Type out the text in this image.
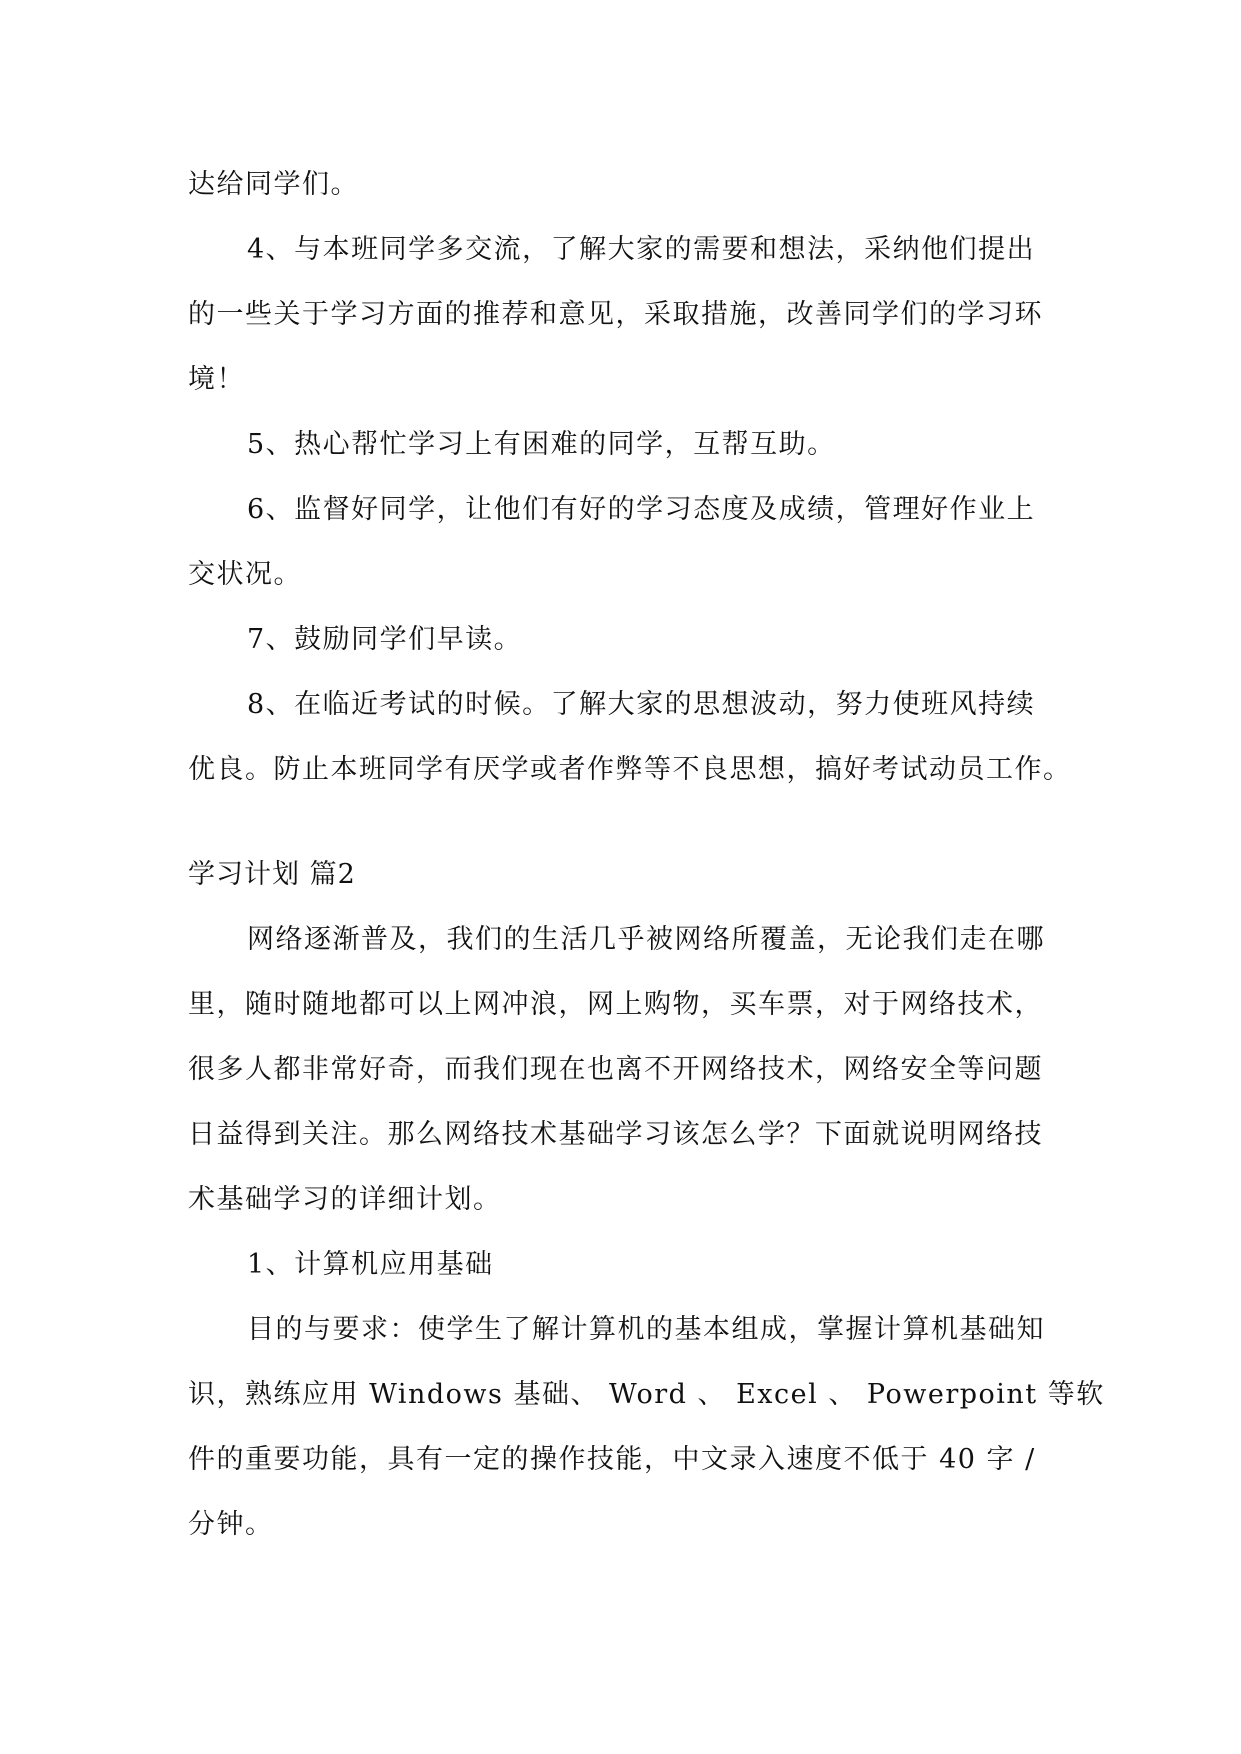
达给同学们。
4、与本班同学多交流，了解大家的需要和想法，采纳他们提出
的一些关于学习方面的推荐和意见，采取措施，改善同学们的学习环
境！
5、热心帮忙学习上有困难的同学，互帮互助。
6、监督好同学，让他们有好的学习态度及成绩，管理好作业上
交状况。
7、鼓励同学们早读。
8、在临近考试的时候。了解大家的思想波动，努力使班风持续
优良。防止本班同学有厌学或者作弊等不良思想，搞好考试动员工作。
学习计划 篇2
网络逐渐普及，我们的生活几乎被网络所覆盖，无论我们走在哪
里，随时随地都可以上网冲浪，网上购物，买车票，对于网络技术，
很多人都非常好奇，而我们现在也离不开网络技术，网络安全等问题
日益得到关注。那么网络技术基础学习该怎么学？下面就说明网络技
术基础学习的详细计划。
1、计算机应用基础
目的与要求：使学生了解计算机的基本组成，掌握计算机基础知
识，熟练应用 Windows 基础、 Word 、 Excel 、 Powerpoint 等软
件的重要功能，具有一定的操作技能，中文录入速度不低于 40 字 /
分钟。
